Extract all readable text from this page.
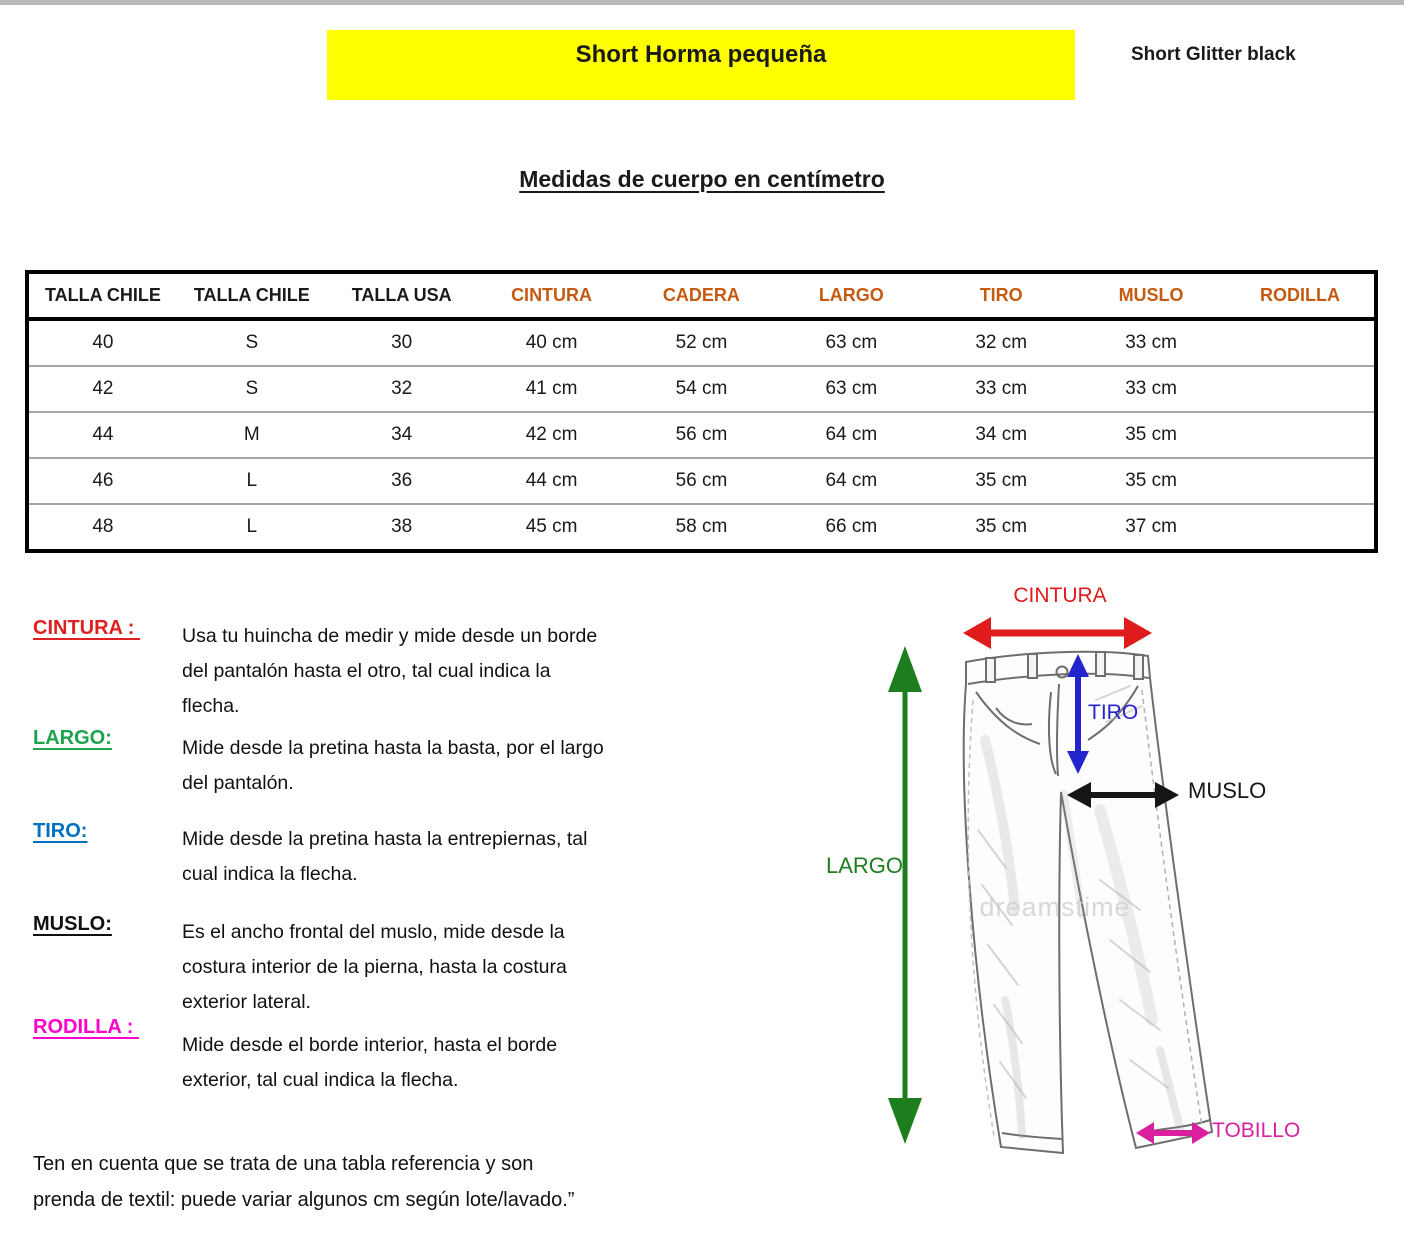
Short Horma pequeña	Short Glitter black
Medidas de cuerpo en centímetro
TALLA CHILE	TALLA CHILE	TALLA USA	CINTURA	CADERA	LARGO	TIRO	MUSLO	RODILLA
40	S	30	40 cm	52 cm	63 cm	32 cm	33 cm	
42	S	32	41 cm	54 cm	63 cm	33 cm	33 cm	
44	M	34	42 cm	56 cm	64 cm	34 cm	35 cm	
46	L	36	44 cm	56 cm	64 cm	35 cm	35 cm	
48	L	38	45 cm	58 cm	66 cm	35 cm	37 cm	
CINTURA : Usa tu huincha de medir y mide desde un borde del pantalón hasta el otro, tal cual indica la flecha.
LARGO:	Mide desde la pretina hasta la basta, por el largo del pantalón.
TIRO:	Mide desde la pretina hasta la entrepiernas, tal cual indica la flecha.
MUSLO:	Es el ancho frontal del muslo, mide desde la costura interior de la pierna, hasta la costura exterior lateral.
RODILLA :
Mide desde el borde interior, hasta el borde exterior, tal cual indica la flecha.
Ten en cuenta que se trata de una tabla referencia y son prenda de textil: puede variar algunos cm según lote/lavado.”
CINTURA
TIRO
MUSLO
LARGO
TOBILLO
dreamstime
